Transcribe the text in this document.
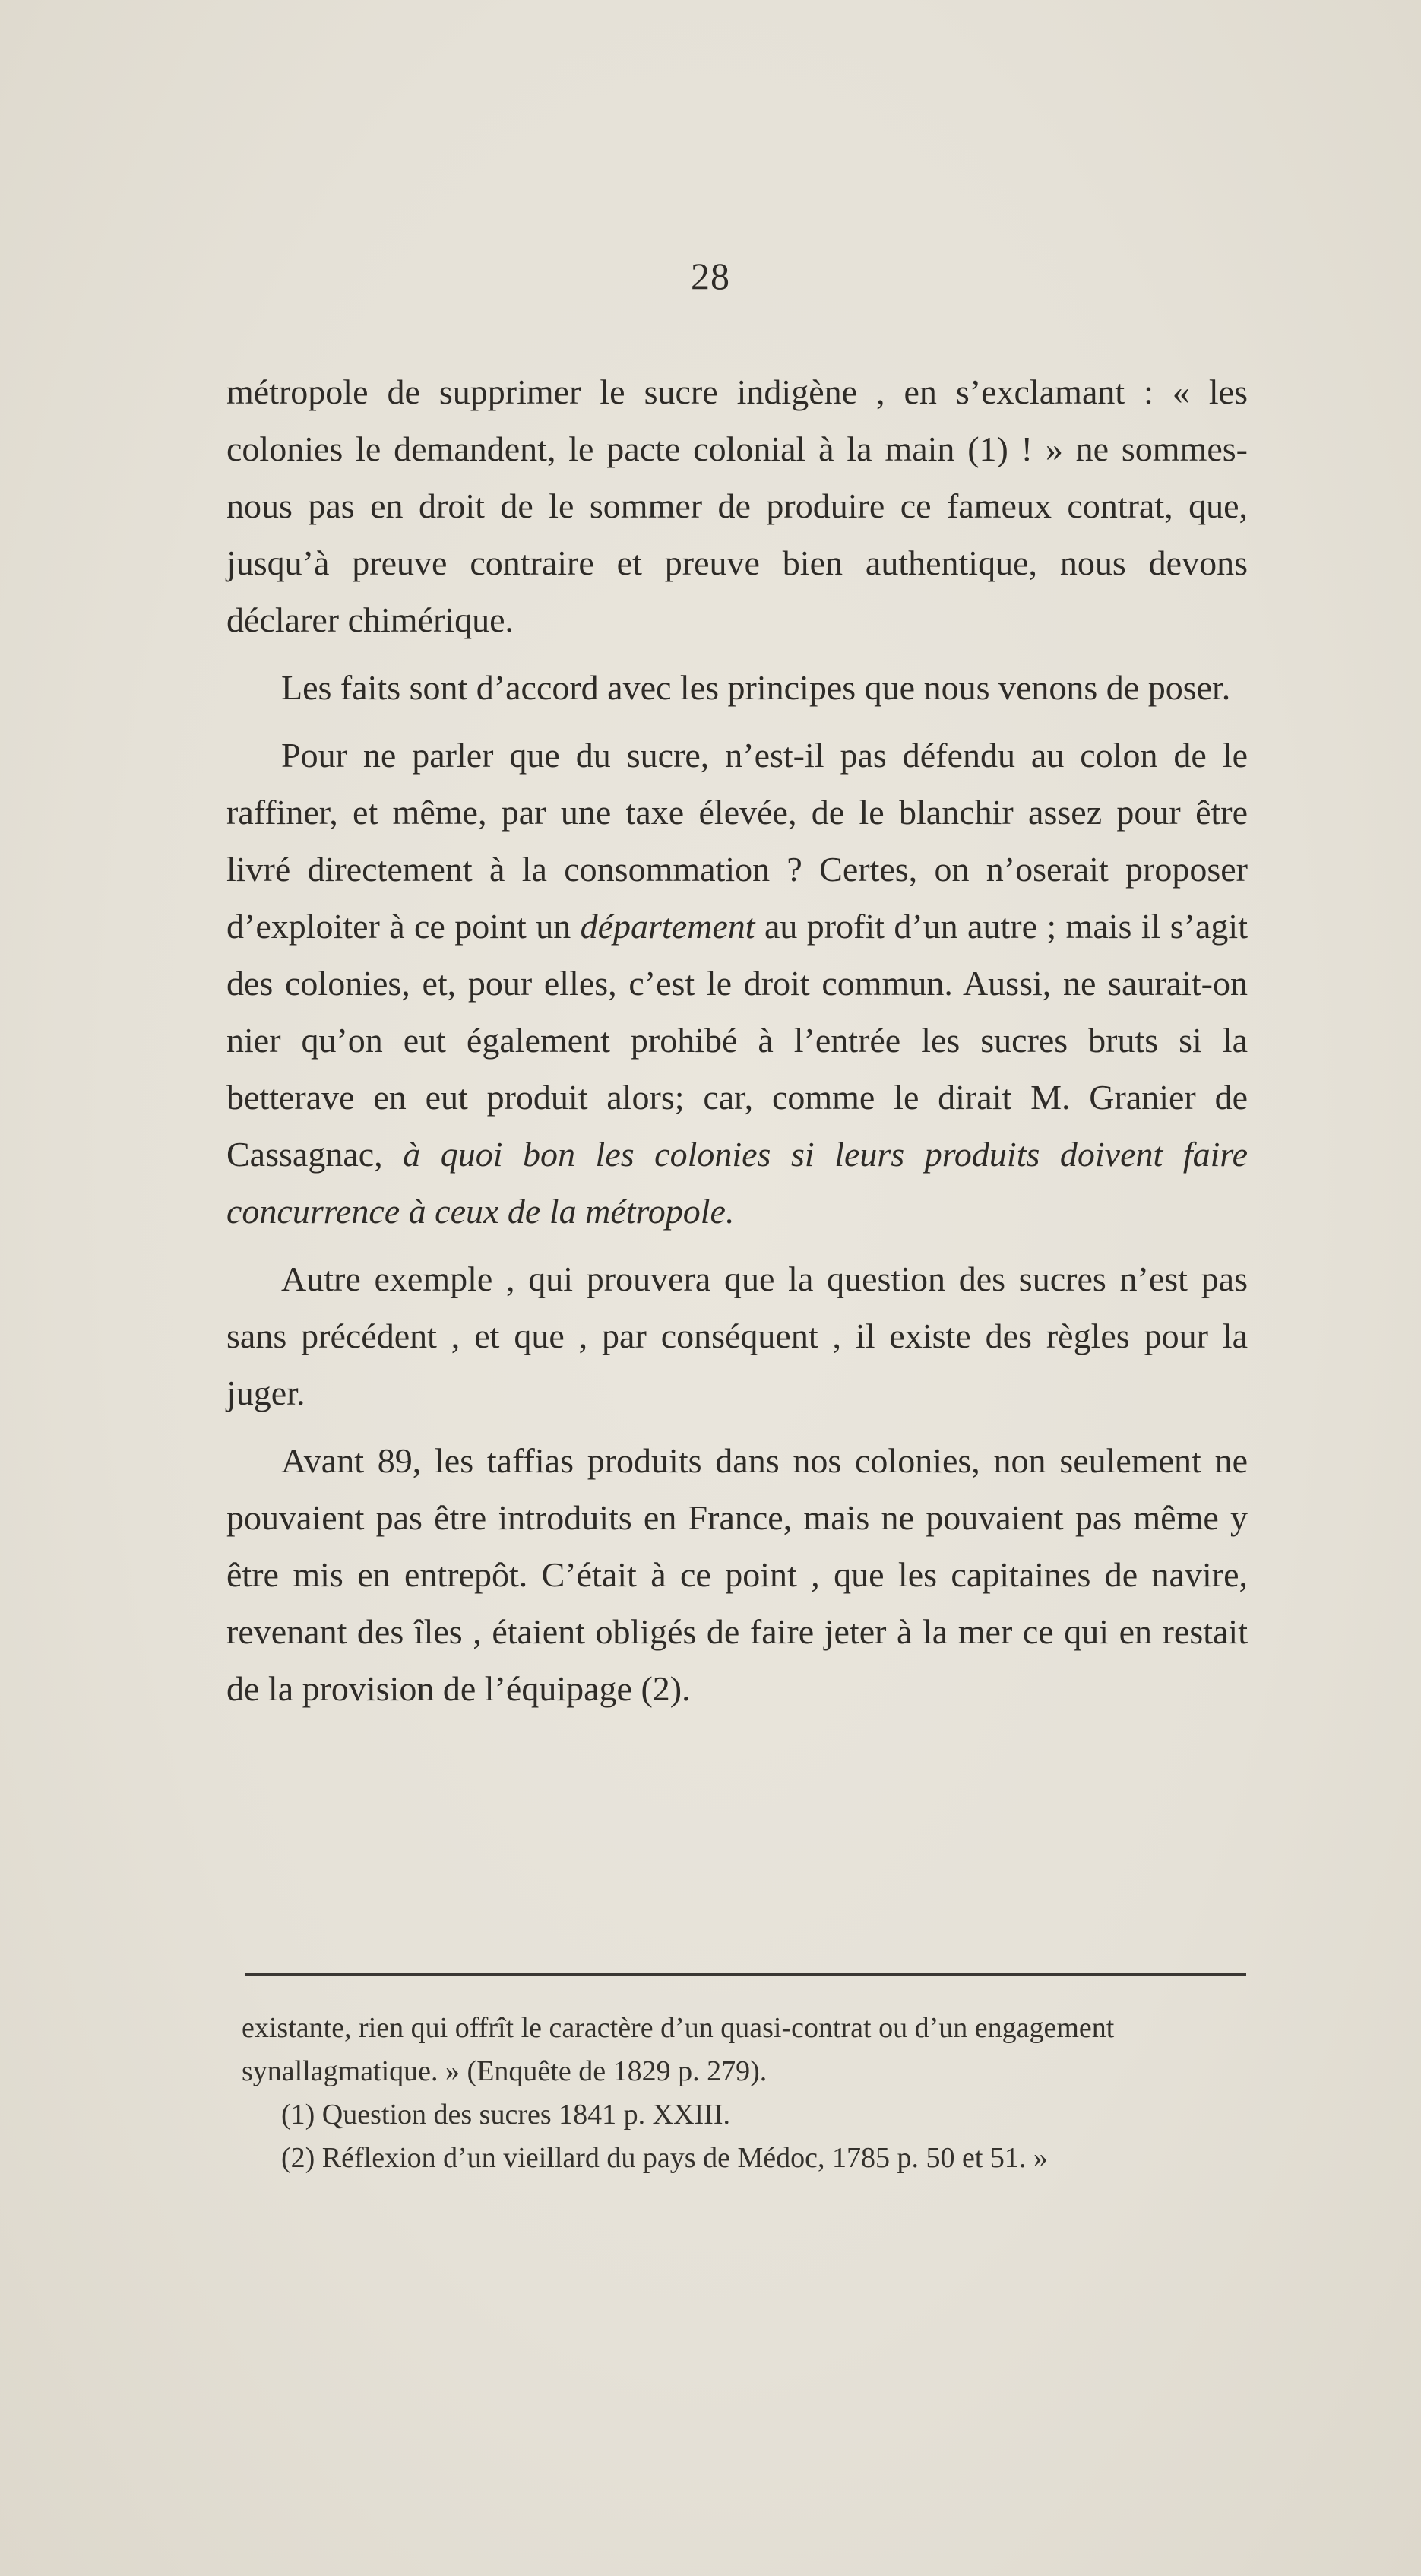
28

métropole de supprimer le sucre indigène , en s’exclamant : « les colonies le demandent, le pacte colonial à la main (1) ! » ne sommes-nous pas en droit de le sommer de produire ce fameux contrat, que, jusqu’à preuve contraire et preuve bien authentique, nous devons déclarer chimérique.

Les faits sont d’accord avec les principes que nous venons de poser.

Pour ne parler que du sucre, n’est-il pas défendu au colon de le raffiner, et même, par une taxe élevée, de le blanchir assez pour être livré directement à la consommation ? Certes, on n’oserait proposer d’exploiter à ce point un département au profit d’un autre ; mais il s’agit des colonies, et, pour elles, c’est le droit commun. Aussi, ne saurait-on nier qu’on eut également prohibé à l’entrée les sucres bruts si la betterave en eut produit alors; car, comme le dirait M. Granier de Cassagnac, à quoi bon les colonies si leurs produits doivent faire concurrence à ceux de la métropole.

Autre exemple , qui prouvera que la question des sucres n’est pas sans précédent , et que , par conséquent , il existe des règles pour la juger.

Avant 89, les taffias produits dans nos colonies, non seulement ne pouvaient pas être introduits en France, mais ne pouvaient pas même y être mis en entrepôt. C’était à ce point , que les capitaines de navire, revenant des îles , étaient obligés de faire jeter à la mer ce qui en restait de la provision de l’équipage (2).

existante, rien qui offrît le caractère d’un quasi-contrat ou d’un engagement synallagmatique. » (Enquête de 1829 p. 279).

(1) Question des sucres 1841 p. XXIII.

(2) Réflexion d’un vieillard du pays de Médoc, 1785 p. 50 et 51. »
